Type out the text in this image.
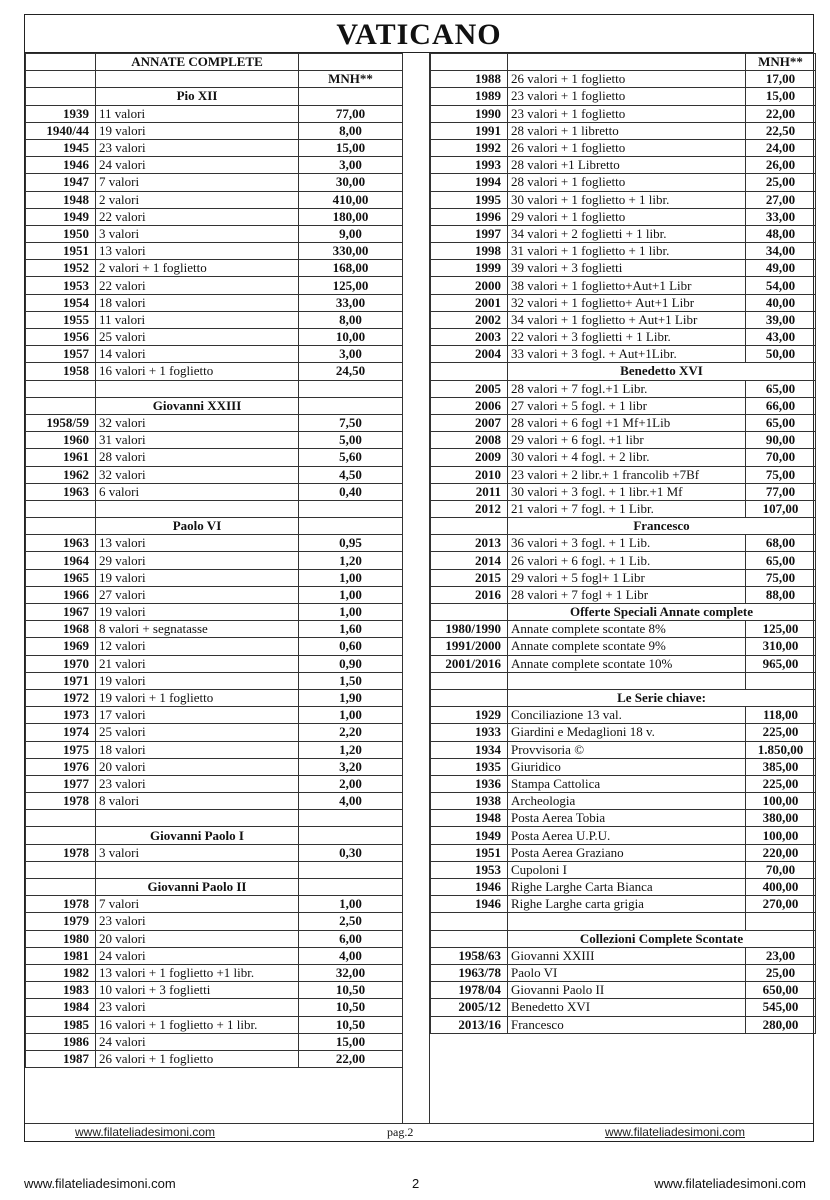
VATICANO
	ANNATE COMPLETE	
		MNH**
	Pio XII	
1939	11 valori	77,00
1940/44	19 valori	8,00
1945	23 valori	15,00
1946	24 valori	3,00
1947	7 valori	30,00
1948	2 valori	410,00
1949	22 valori	180,00
1950	3 valori	9,00
1951	13 valori	330,00
1952	2 valori + 1 foglietto	168,00
1953	22 valori	125,00
1954	18 valori	33,00
1955	11 valori	8,00
1956	25 valori	10,00
1957	14 valori	3,00
1958	16 valori + 1 foglietto	24,50

	Giovanni XXIII	
1958/59	32 valori	7,50
1960	31 valori	5,00
1961	28 valori	5,60
1962	32 valori	4,50
1963	6 valori	0,40

	Paolo VI	
1963	13 valori	0,95
1964	29 valori	1,20
1965	19 valori	1,00
1966	27 valori	1,00
1967	19 valori	1,00
1968	8 valori + segnatasse	1,60
1969	12 valori	0,60
1970	21 valori	0,90
1971	19 valori	1,50
1972	19 valori + 1 foglietto	1,90
1973	17 valori	1,00
1974	25 valori	2,20
1975	18 valori	1,20
1976	20 valori	3,20
1977	23 valori	2,00
1978	8 valori	4,00

	Giovanni Paolo I	
1978	3 valori	0,30

	Giovanni Paolo II	
1978	7 valori	1,00
1979	23 valori	2,50
1980	20 valori	6,00
1981	24 valori	4,00
1982	13 valori + 1 foglietto +1 libr.	32,00
1983	10 valori + 3 foglietti	10,50
1984	23 valori	10,50
1985	16 valori + 1 foglietto + 1 libr.	10,50
1986	24 valori	15,00
1987	26 valori + 1 foglietto	22,00
		MNH**
1988	26 valori + 1 foglietto	17,00
1989	23 valori + 1 foglietto	15,00
1990	23 valori + 1 foglietto	22,00
1991	28 valori + 1 libretto	22,50
1992	26 valori + 1 foglietto	24,00
1993	28 valori +1 Libretto	26,00
1994	28 valori + 1 foglietto	25,00
1995	30 valori + 1 foglietto + 1 libr.	27,00
1996	29 valori + 1 foglietto	33,00
1997	34 valori + 2 foglietti + 1 libr.	48,00
1998	31 valori + 1 foglietto + 1 libr.	34,00
1999	39 valori + 3 foglietti	49,00
2000	38 valori + 1 foglietto+Aut+1 Libr	54,00
2001	32 valori + 1 foglietto+ Aut+1 Libr	40,00
2002	34 valori + 1 foglietto + Aut+1 Libr	39,00
2003	22 valori + 3 foglietti + 1 Libr.	43,00
2004	33 valori + 3 fogl. + Aut+1Libr.	50,00
	Benedetto XVI	
2005	28 valori + 7 fogl.+1 Libr.	65,00
2006	27 valori + 5 fogl. + 1 libr	66,00
2007	28 valori + 6 fogl +1 Mf+1Lib	65,00
2008	29 valori + 6 fogl. +1 libr	90,00
2009	30 valori + 4 fogl. + 2 libr.	70,00
2010	23 valori + 2 libr.+ 1 francolib +7Bf	75,00
2011	30 valori + 3 fogl. + 1 libr.+1 Mf	77,00
2012	21 valori + 7 fogl. + 1 Libr.	107,00
	Francesco	
2013	36 valori + 3 fogl. + 1 Lib.	68,00
2014	26 valori + 6 fogl. + 1 Lib.	65,00
2015	29 valori + 5 fogl+ 1 Libr	75,00
2016	28 valori + 7 fogl + 1 Libr	88,00
	Offerte Speciali Annate complete	
1980/1990	Annate complete scontate 8%	125,00
1991/2000	Annate complete scontate 9%	310,00
2001/2016	Annate complete scontate 10%	965,00

	Le Serie chiave:	
1929	Conciliazione 13 val.	118,00
1933	Giardini e Medaglioni 18 v.	225,00
1934	Provvisoria ©	1.850,00
1935	Giuridico	385,00
1936	Stampa Cattolica	225,00
1938	Archeologia	100,00
1948	Posta Aerea Tobia	380,00
1949	Posta Aerea U.P.U.	100,00
1951	Posta Aerea Graziano	220,00
1953	Cupoloni I	70,00
1946	Righe Larghe Carta Bianca	400,00
1946	Righe Larghe carta grigia	270,00

	Collezioni Complete Scontate	
1958/63	Giovanni XXIII	23,00
1963/78	Paolo VI	25,00
1978/04	Giovanni Paolo II	650,00
2005/12	Benedetto XVI	545,00
2013/16	Francesco	280,00
www.filateliadesimoni.com	pag.2	www.filateliadesimoni.com
www.filateliadesimoni.com	2	www.filateliadesimoni.com
